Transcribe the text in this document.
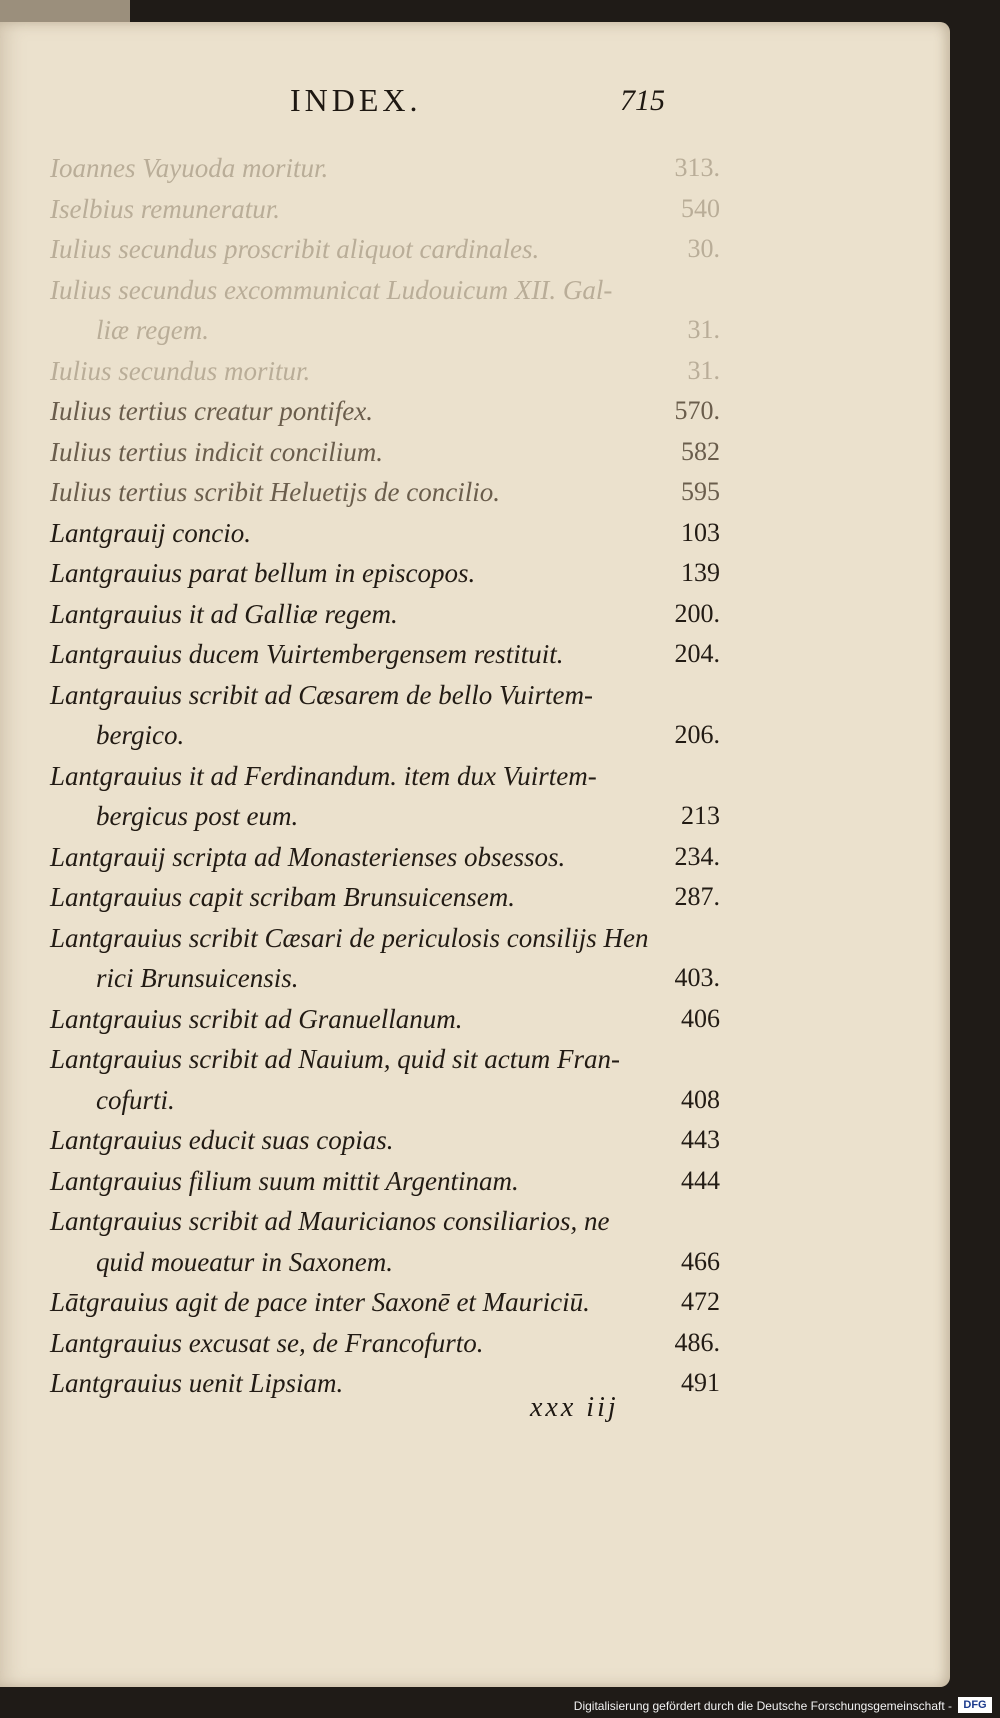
INDEX.	715
Ioannes Vayuoda moritur.	313.
Iselbius remuneratur.	540
Iulius secundus proscribit aliquot cardinales.	30.
Iulius secundus excommunicat Ludouicum XII. Gal-
liæ regem.	31.
Iulius secundus moritur.	31.
Iulius tertius creatur pontifex.	570.
Iulius tertius indicit concilium.	582
Iulius tertius scribit Heluetijs de concilio.	595
Lantgrauij concio.	103
Lantgrauius parat bellum in episcopos.	139
Lantgrauius it ad Galliæ regem.	200.
Lantgrauius ducem Vuirtembergensem restituit.	204.
Lantgrauius scribit ad Cæsarem de bello Vuirtem-
bergico.	206.
Lantgrauius it ad Ferdinandum. item dux Vuirtem-
bergicus post eum.	213
Lantgrauij scripta ad Monasterienses obsessos.	234.
Lantgrauius capit scribam Brunsuicensem.	287.
Lantgrauius scribit Cæsari de periculosis consilijs Hen
rici Brunsuicensis.	403.
Lantgrauius scribit ad Granuellanum.	406
Lantgrauius scribit ad Nauium, quid sit actum Fran-
cofurti.	408
Lantgrauius educit suas copias.	443
Lantgrauius filium suum mittit Argentinam.	444
Lantgrauius scribit ad Mauricianos consiliarios, ne
quid moueatur in Saxonem.	466
Lātgrauius agit de pace inter Saxonē et Mauriciū.	472
Lantgrauius excusat se, de Francofurto.	486.
Lantgrauius uenit Lipsiam.	491
xxx iij
Digitalisierung gefördert durch die Deutsche Forschungsgemeinschaft -	DFG
